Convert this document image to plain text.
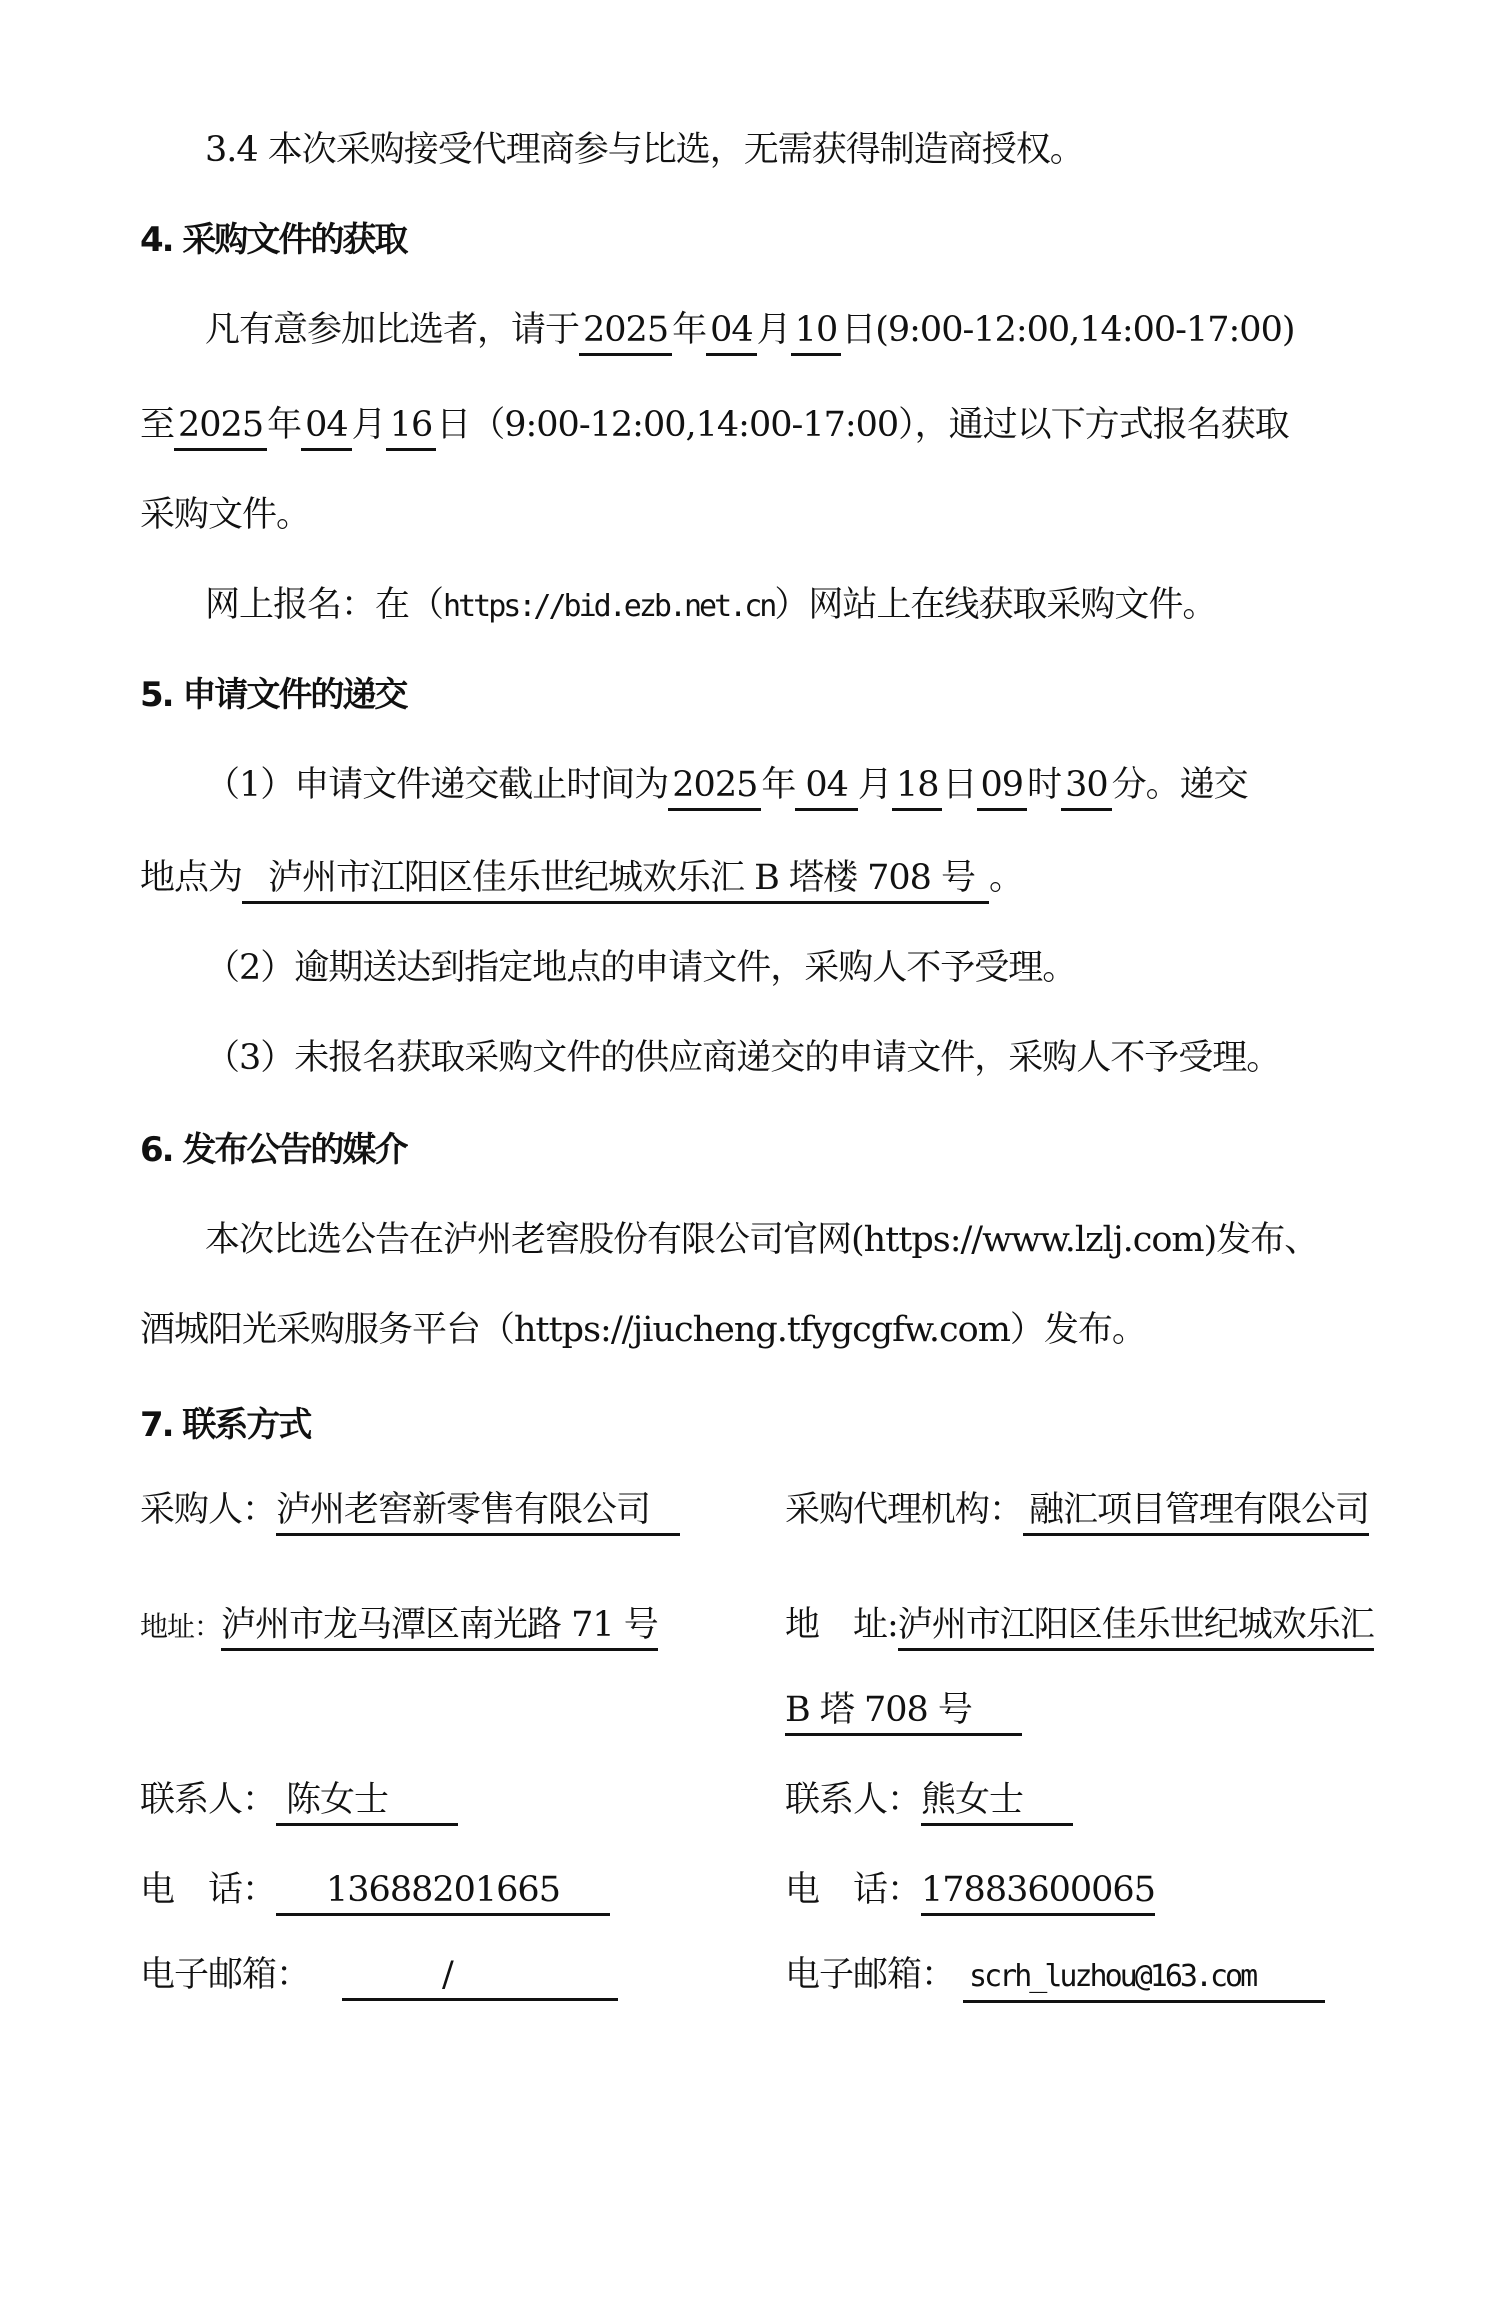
3.4 本次采购接受代理商参与比选，无需获得制造商授权。
4. 采购文件的获取
凡有意参加比选者，请于 2025 年 04 月 10 日(9:00-12:00,14:00-17:00)
至 2025 年 04 月 16 日（9:00-12:00,14:00-17:00），通过以下方式报名获取
采购文件。
网上报名：在（https://bid.ezb.net.cn）网站上在线获取采购文件。
5. 申请文件的递交
（1）申请文件递交截止时间为 2025 年 04 月 18 日 09 时 30 分。递交
地点为 泸州市江阳区佳乐世纪城欢乐汇 B 塔楼 708 号 。
（2）逾期送达到指定地点的申请文件，采购人不予受理。
（3）未报名获取采购文件的供应商递交的申请文件，采购人不予受理。
6. 发布公告的媒介
本次比选公告在泸州老窖股份有限公司官网(https://www.lzlj.com)发布、
酒城阳光采购服务平台（https://jiucheng.tfygcgfw.com）发布。
7. 联系方式
采购人：泸州老窖新零售有限公司
地址：泸州市龙马潭区南光路 71 号
联系人： 陈女士
电　话： 13688201665
电子邮箱：	/
采购代理机构： 融汇项目管理有限公司
地　址:泸州市江阳区佳乐世纪城欢乐汇
B 塔 708 号
联系人：熊女士
电　话：17883600065
电子邮箱： scrh_luzhou@163.com
